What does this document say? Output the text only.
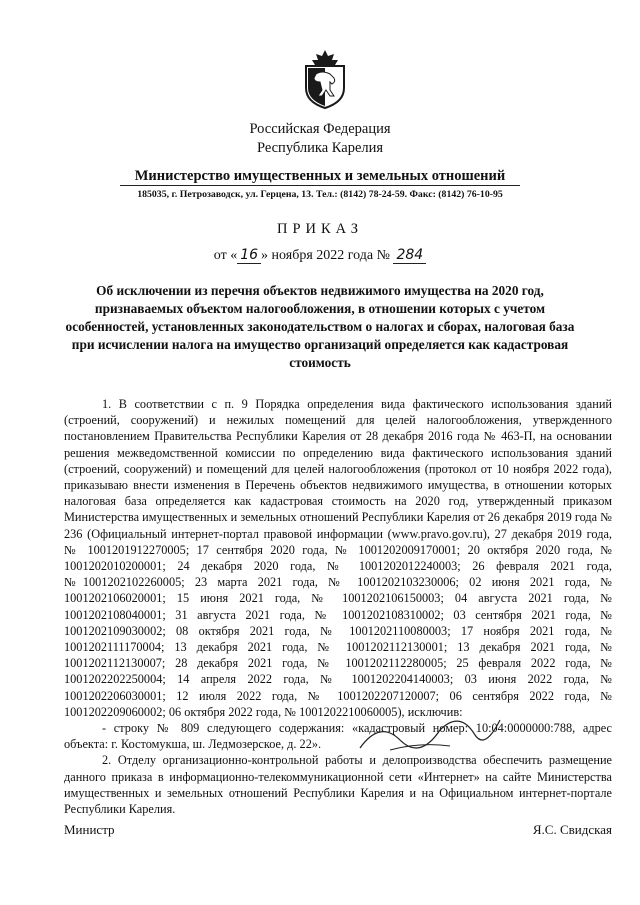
Российская Федерация
Республика Карелия
Министерство имущественных и земельных отношений
185035, г. Петрозаводск, ул. Герцена, 13. Тел.: (8142) 78-24-59. Факс: (8142) 76-10-95
ПРИКАЗ
от « 16 » ноября 2022 года № 284
Об исключении из перечня объектов недвижимого имущества на 2020 год, признаваемых объектом налогообложения, в отношении которых с учетом особенностей, установленных законодательством о налогах и сборах, налоговая база при исчислении налога на имущество организаций определяется как кадастровая стоимость

1. В соответствии с п. 9 Порядка определения вида фактического использования зданий (строений, сооружений) и нежилых помещений для целей налогообложения, утвержденного постановлением Правительства Республики Карелия от 28 декабря 2016 года № 463-П, на основании решения межведомственной комиссии по определению вида фактического использования зданий (строений, сооружений) и помещений для целей налогообложения (протокол от 10 ноября 2022 года), приказываю внести изменения в Перечень объектов недвижимого имущества, в отношении которых налоговая база определяется как кадастровая стоимость на 2020 год, утвержденный приказом Министерства имущественных и земельных отношений Республики Карелия от 26 декабря 2019 года № 236 (Официальный интернет-портал правовой информации (www.pravo.gov.ru), 27 декабря 2019 года, № 1001201912270005; 17 сентября 2020 года, № 1001202009170001; 20 октября 2020 года, № 1001202010200001; 24 декабря 2020 года, № 1001202012240003; 26 февраля 2021 года, №1001202102260005; 23 марта 2021 года, № 1001202103230006; 02 июня 2021 года, № 1001202106020001; 15 июня 2021 года, № 1001202106150003; 04 августа 2021 года, № 1001202108040001; 31 августа 2021 года, № 1001202108310002; 03 сентября 2021 года, № 1001202109030002; 08 октября 2021 года, № 1001202110080003; 17 ноября 2021 года, № 1001202111170004; 13 декабря 2021 года, № 1001202112130001; 13 декабря 2021 года, № 1001202112130007; 28 декабря 2021 года, № 1001202112280005; 25 февраля 2022 года, № 1001202202250004; 14 апреля 2022 года, № 1001202204140003; 03 июня 2022 года, № 1001202206030001; 12 июля 2022 года, № 1001202207120007; 06 сентября 2022 года, № 1001202209060002; 06 октября 2022 года, № 1001202210060005), исключив:

- строку № 809 следующего содержания: «кадастровый номер: 10:04:0000000:788, адрес объекта: г. Костомукша, ш. Ледмозерское, д. 22».

2. Отделу организационно-контрольной работы и делопроизводства обеспечить размещение данного приказа в информационно-телекоммуникационной сети «Интернет» на сайте Министерства имущественных и земельных отношений Республики Карелия и на Официальном интернет-портале Республики Карелия.

Министр	Я.С. Свидская
